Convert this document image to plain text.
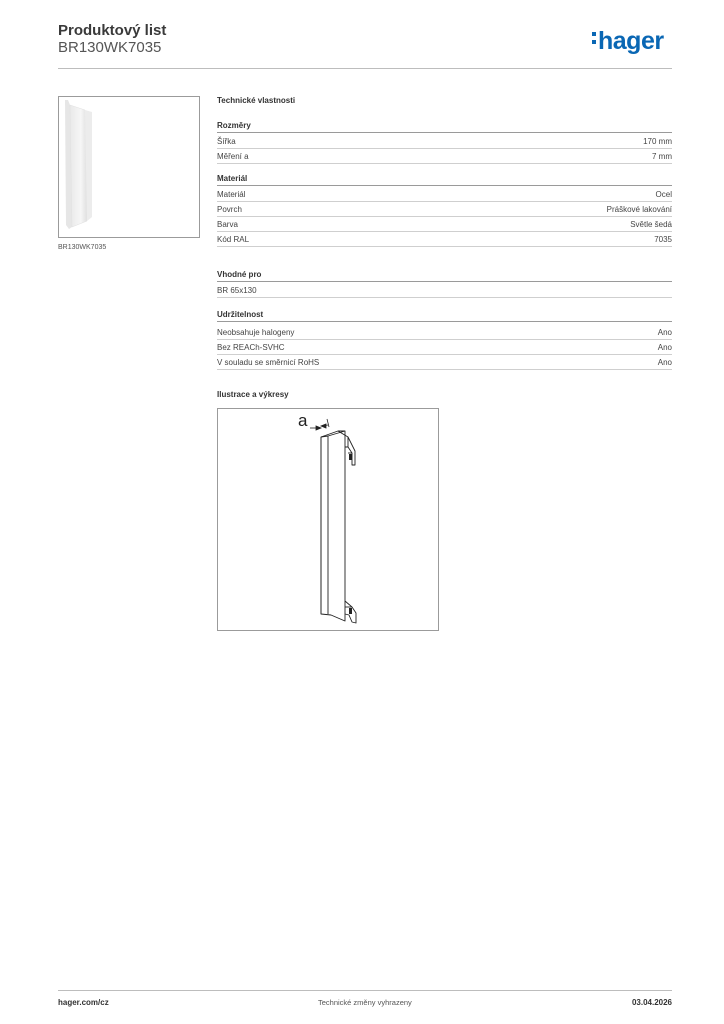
Produktový list
BR130WK7035	hager
BR130WK7035
Technické vlastnosti
Rozměry
Šířka	170 mm
Měření a	7 mm
Materiál
Materiál	Ocel
Povrch	Práškové lakování
Barva	Světle šedá
Kód RAL	7035
Vhodné pro
BR 65x130
Udržitelnost
Neobsahuje halogeny	Ano
Bez REACh-SVHC	Ano
V souladu se směrnicí RoHS	Ano
Ilustrace a výkresy
a
hager.com/cz	Technické změny vyhrazeny	03.04.2026
